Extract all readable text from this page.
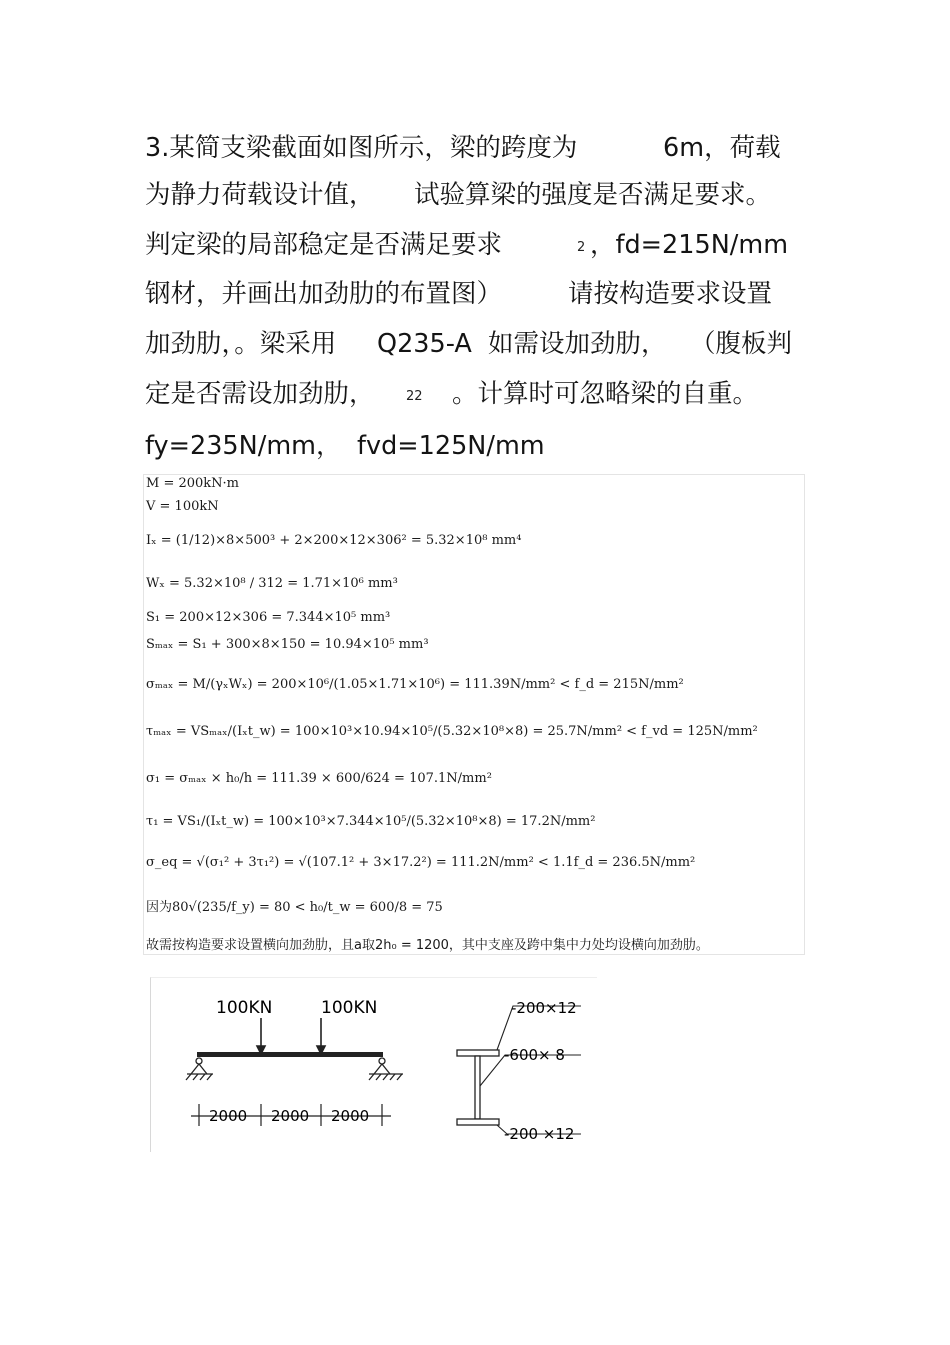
3.某简支梁截面如图所示，梁的跨度为	6m，荷载
为静力荷载设计值， 试验算梁的强度是否满足要求。
判定梁的局部稳定是否满足要求	2 ，fd=215N/mm
钢材，并画出加劲肋的布置图）	请按构造要求设置
加劲肋，。梁采用 Q235-A 如需设加劲肋， （腹板判
定是否需设加劲肋， 22 。计算时可忽略梁的自重。
fy=235N/mm， fvd=125N/mm
M = 200kN·m
V = 100kN
Iₓ = (1/12)×8×500³ + 2×200×12×306² = 5.32×10⁸ mm⁴
Wₓ = 5.32×10⁸ / 312 = 1.71×10⁶ mm³
S₁ = 200×12×306 = 7.344×10⁵ mm³
Sₘₐₓ = S₁ + 300×8×150 = 10.94×10⁵ mm³
σₘₐₓ = M/(γₓWₓ) = 200×10⁶/(1.05×1.71×10⁶) = 111.39N/mm² < f_d = 215N/mm²
τₘₐₓ = VSₘₐₓ/(Iₓt_w) = 100×10³×10.94×10⁵/(5.32×10⁸×8) = 25.7N/mm² < f_vd = 125N/mm²
σ₁ = σₘₐₓ × h₀/h = 111.39 × 600/624 = 107.1N/mm²
τ₁ = VS₁/(Iₓt_w) = 100×10³×7.344×10⁵/(5.32×10⁸×8) = 17.2N/mm²
σ_eq = √(σ₁² + 3τ₁²) = √(107.1² + 3×17.2²) = 111.2N/mm² < 1.1f_d = 236.5N/mm²
因为80√(235/f_y) = 80 < h₀/t_w = 600/8 = 75
故需按构造要求设置横向加劲肋，且a取2h₀ = 1200，其中支座及跨中集中力处均设横向加劲肋。
100KN	100KN
2000 2000 2000
-200×12
-600× 8
-200 ×12
